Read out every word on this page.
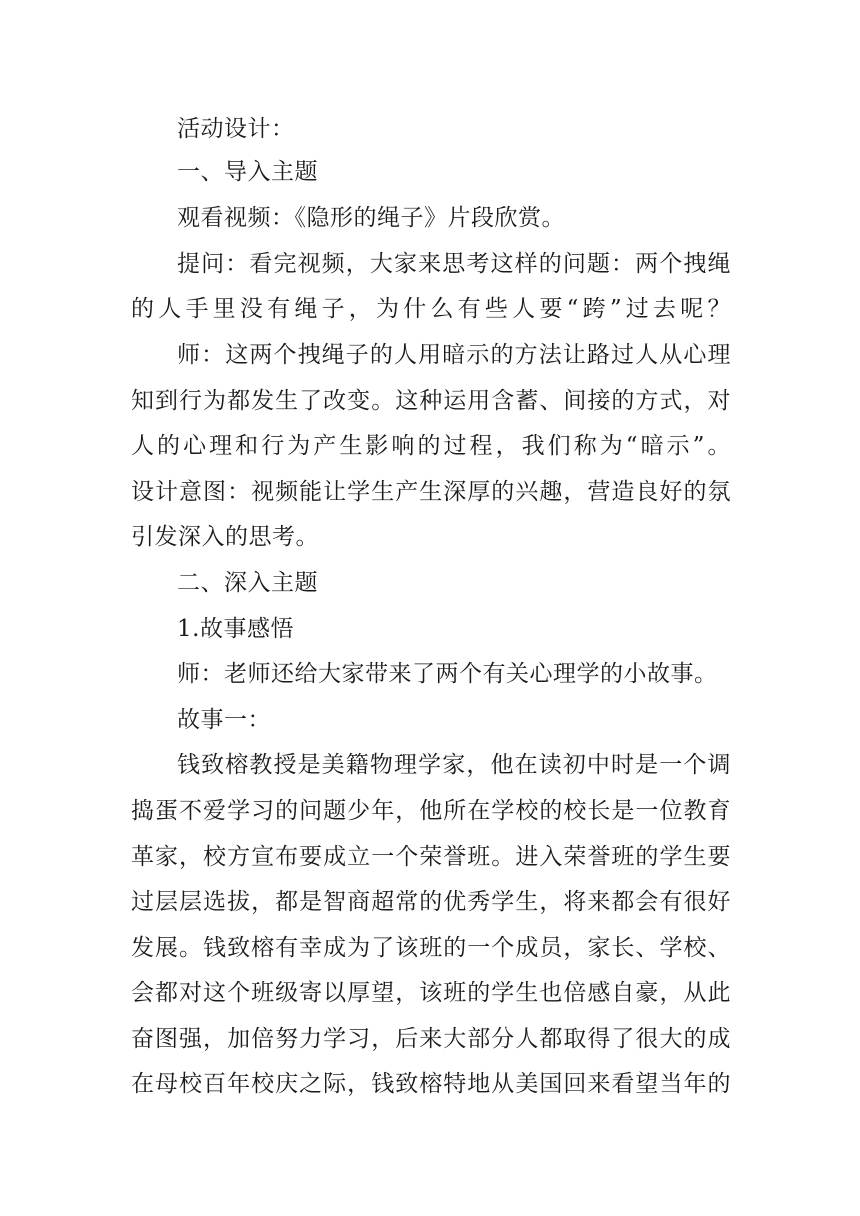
活动设计：
一、导入主题
观看视频：《隐形的绳子》片段欣赏。
提问：看完视频，大家来思考这样的问题：两个拽绳
的人手里没有绳子，为什么有些人要“跨”过去呢？
师：这两个拽绳子的人用暗示的方法让路过人从心理
知到行为都发生了改变。这种运用含蓄、间接的方式，对
人的心理和行为产生影响的过程，我们称为“暗示”。
设计意图：视频能让学生产生深厚的兴趣，营造良好的氛
引发深入的思考。
二、深入主题
1.故事感悟
师：老师还给大家带来了两个有关心理学的小故事。
故事一：
钱致榕教授是美籍物理学家，他在读初中时是一个调
捣蛋不爱学习的问题少年，他所在学校的校长是一位教育
革家，校方宣布要成立一个荣誉班。进入荣誉班的学生要
过层层选拔，都是智商超常的优秀学生，将来都会有很好
发展。钱致榕有幸成为了该班的一个成员，家长、学校、
会都对这个班级寄以厚望，该班的学生也倍感自豪，从此
奋图强，加倍努力学习，后来大部分人都取得了很大的成
在母校百年校庆之际，钱致榕特地从美国回来看望当年的
